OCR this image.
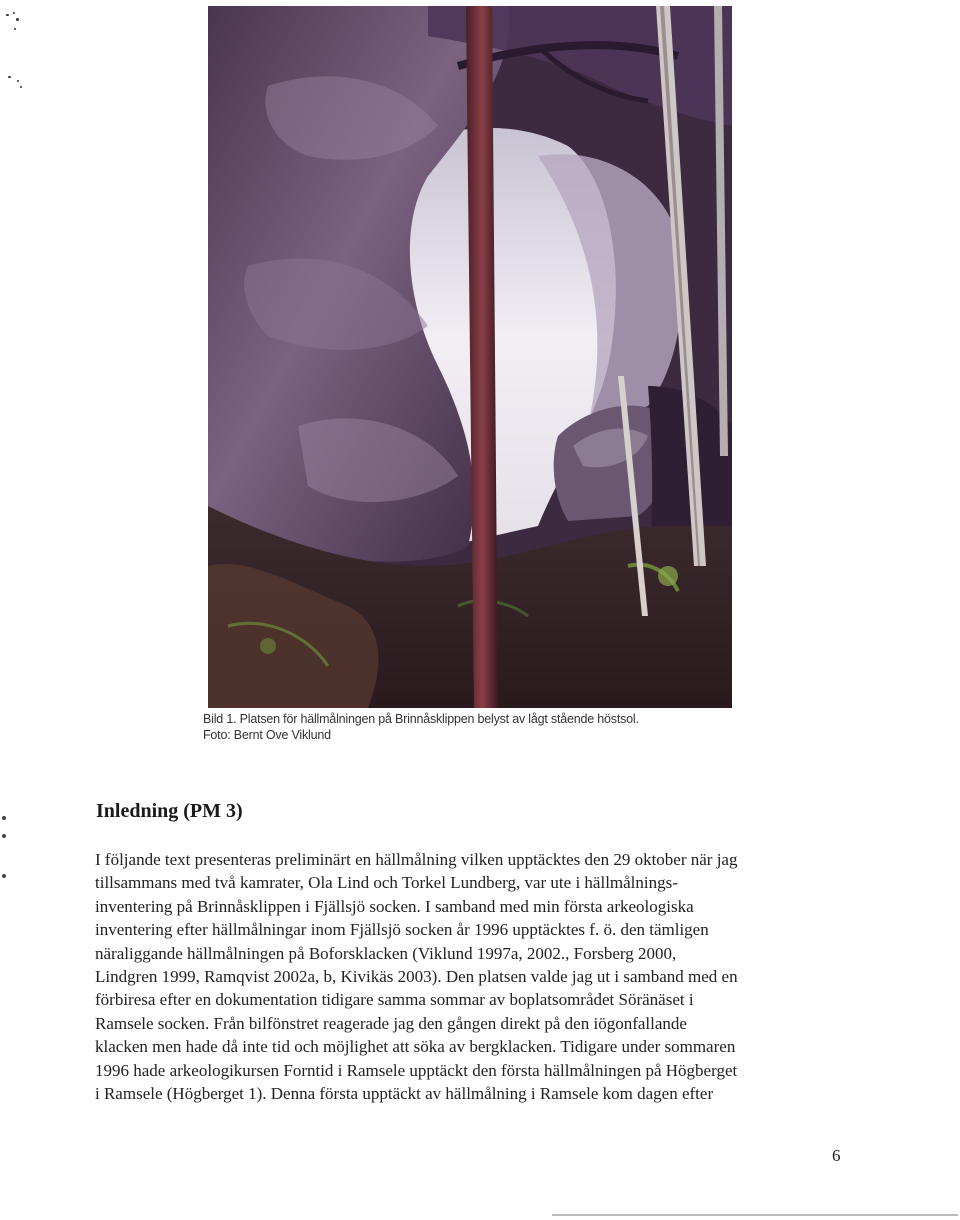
Bild 1. Platsen för hällmålningen på Brinnåsklippen belyst av lågt stående höstsol.
Foto: Bernt Ove Viklund
Inledning (PM 3)
I följande text presenteras preliminärt en hällmålning vilken upptäcktes den 29 oktober när jag
tillsammans med två kamrater, Ola Lind och Torkel Lundberg, var ute i hällmålnings-
inventering på Brinnåsklippen i Fjällsjö socken. I samband med min första arkeologiska
inventering efter hällmålningar inom Fjällsjö socken år 1996 upptäcktes f. ö. den tämligen
näraliggande hällmålningen på Boforsklacken (Viklund 1997a, 2002., Forsberg 2000,
Lindgren 1999, Ramqvist 2002a, b, Kivikäs 2003). Den platsen valde jag ut i samband med en
förbiresa efter en dokumentation tidigare samma sommar av boplatsområdet Söränäset i
Ramsele socken. Från bilfönstret reagerade jag den gången direkt på den iögonfallande
klacken men hade då inte tid och möjlighet att söka av bergklacken. Tidigare under sommaren
1996 hade arkeologikursen Forntid i Ramsele upptäckt den första hällmålningen på Högberget
i Ramsele (Högberget 1). Denna första upptäckt av hällmålning i Ramsele kom dagen efter
6
